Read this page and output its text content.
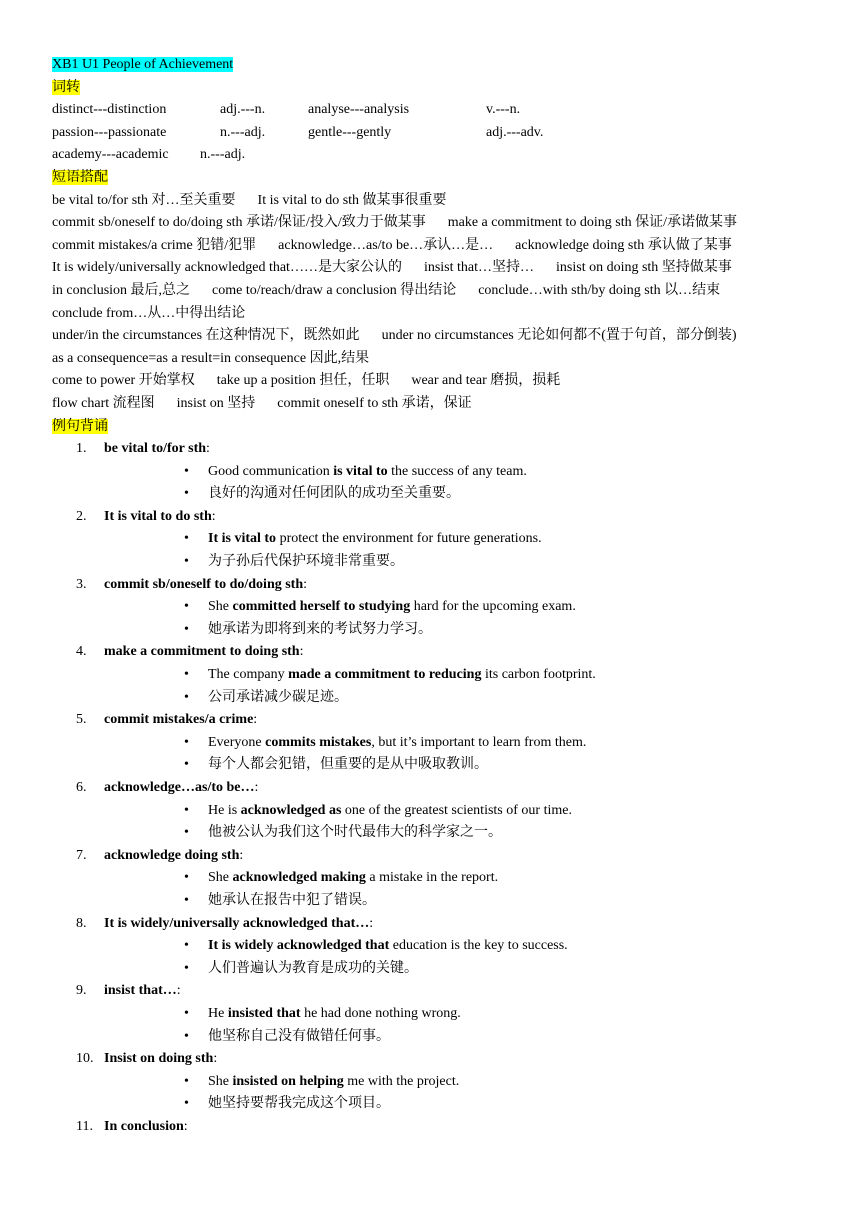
XB1 U1 People of Achievement
词转
distinct---distinction	adj.---n.	analyse---analysis	v.---n.
passion---passionate	n.---adj.	gentle---gently	adj.---adv.
academy---academic n.---adj.
短语搭配
be vital to/for sth 对…至关重要 It is vital to do sth 做某事很重要
commit sb/oneself to do/doing sth 承诺/保证/投入/致力于做某事 make a commitment to doing sth 保证/承诺做某事
commit mistakes/a crime 犯错/犯罪 acknowledge…as/to be…承认…是… acknowledge doing sth 承认做了某事
It is widely/universally acknowledged that……是大家公认的 insist that…坚持… insist on doing sth 坚持做某事
in conclusion 最后,总之 come to/reach/draw a conclusion 得出结论 conclude…with sth/by doing sth 以…结束
conclude from…从…中得出结论
under/in the circumstances 在这种情况下，既然如此 under no circumstances 无论如何都不(置于句首，部分倒装)
as a consequence=as a result=in consequence 因此,结果
come to power 开始掌权 take up a position 担任，任职 wear and tear 磨损，损耗
flow chart 流程图 insist on 坚持 commit oneself to sth 承诺，保证
例句背诵
1.	be vital to/for sth:
• Good communication is vital to the success of any team.
• 良好的沟通对任何团队的成功至关重要。
2.	It is vital to do sth:
• It is vital to protect the environment for future generations.
• 为子孙后代保护环境非常重要。
3.	commit sb/oneself to do/doing sth:
• She committed herself to studying hard for the upcoming exam.
• 她承诺为即将到来的考试努力学习。
4.	make a commitment to doing sth:
• The company made a commitment to reducing its carbon footprint.
• 公司承诺减少碳足迹。
5.	commit mistakes/a crime:
• Everyone commits mistakes, but it’s important to learn from them.
• 每个人都会犯错，但重要的是从中吸取教训。
6.	acknowledge…as/to be…:
• He is acknowledged as one of the greatest scientists of our time.
• 他被公认为我们这个时代最伟大的科学家之一。
7.	acknowledge doing sth:
• She acknowledged making a mistake in the report.
• 她承认在报告中犯了错误。
8.	It is widely/universally acknowledged that…:
• It is widely acknowledged that education is the key to success.
• 人们普遍认为教育是成功的关键。
9.	insist that…:
• He insisted that he had done nothing wrong.
• 他坚称自己没有做错任何事。
10. Insist on doing sth:
• She insisted on helping me with the project.
• 她坚持要帮我完成这个项目。
11. In conclusion:
